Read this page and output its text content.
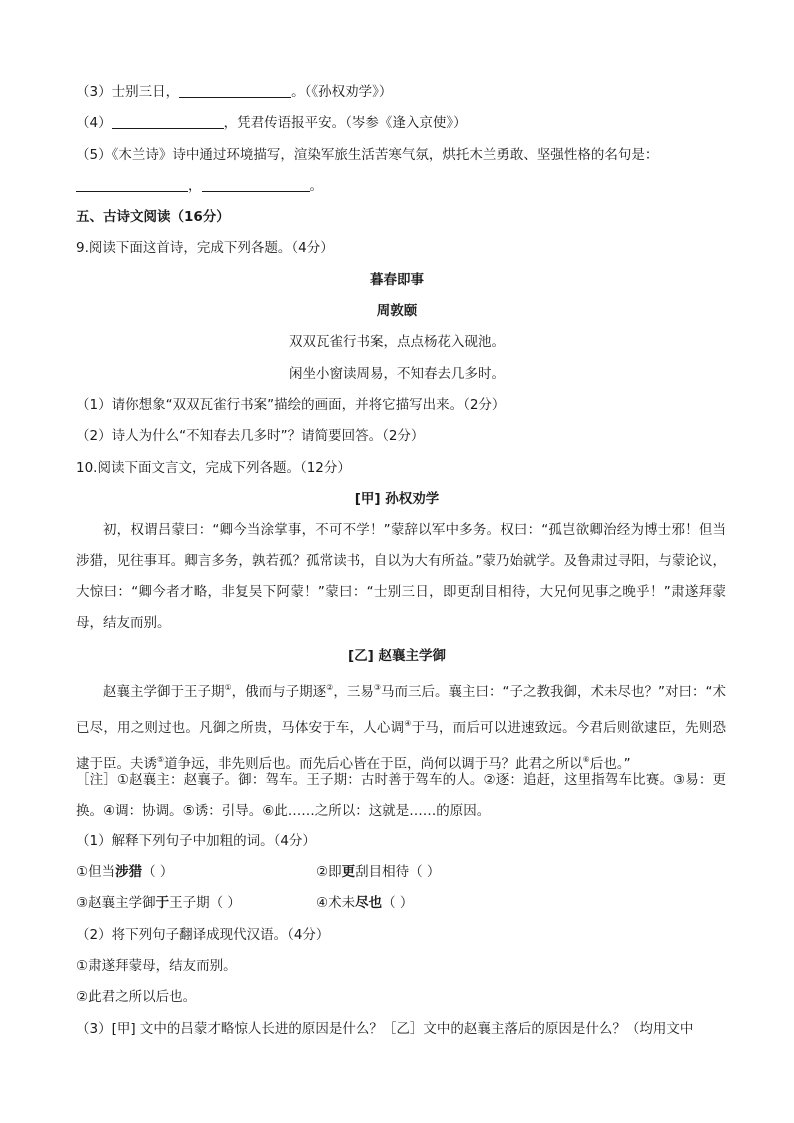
（3）士别三日，	。（《孙权劝学》）
（4）	，凭君传语报平安。（岑参《逢入京使》）
（5）《木兰诗》诗中通过环境描写，渲染军旅生活苦寒气氛，烘托木兰勇敢、坚强性格的名句是：
，	。
五、古诗文阅读（16分）
9.阅读下面这首诗，完成下列各题。（4分）
暮春即事
周敦颐
双双瓦雀行书案，点点杨花入砚池。
闲坐小窗读周易，不知春去几多时。
（1）请你想象“双双瓦雀行书案”描绘的画面，并将它描写出来。（2分）
（2）诗人为什么“不知春去几多时”？请简要回答。（2分）
10.阅读下面文言文，完成下列各题。（12分）
[甲] 孙权劝学
初，权谓吕蒙曰：“卿今当涂掌事，不可不学！”蒙辞以军中多务。权曰：“孤岂欲卿治经为博士邪！但当涉猎，见往事耳。卿言多务，孰若孤？孤常读书，自以为大有所益。”蒙乃始就学。及鲁肃过寻阳，与蒙论议，大惊曰：“卿今者才略，非复吴下阿蒙！”蒙曰：“士别三日，即更刮目相待，大兄何见事之晚乎！”肃遂拜蒙母，结友而别。
[乙] 赵襄主学御
赵襄主学御于王子期①，俄而与子期逐②，三易③马而三后。襄主曰：“子之教我御，术未尽也？”对曰：“术已尽，用之则过也。凡御之所贵，马体安于车，人心调④于马，而后可以进速致远。今君后则欲逮臣，先则恐逮于臣。夫诱⑤道争远，非先则后也。而先后心皆在于臣，尚何以调于马？此君之所以⑥后也。”
［注］①赵襄主：赵襄子。御：驾车。王子期：古时善于驾车的人。②逐：追赶，这里指驾车比赛。③易：更换。④调：协调。⑤诱：引导。⑥此……之所以：这就是……的原因。
（1）解释下列句子中加粗的词。（4分）
①但当涉猎（ ）	②即更刮目相待（ ）
③赵襄主学御于王子期（ ）	④术未尽也（ ）
（2）将下列句子翻译成现代汉语。（4分）
①肃遂拜蒙母，结友而别。
②此君之所以后也。
（3）[甲] 文中的吕蒙才略惊人长进的原因是什么？［乙］文中的赵襄主落后的原因是什么？（均用文中
